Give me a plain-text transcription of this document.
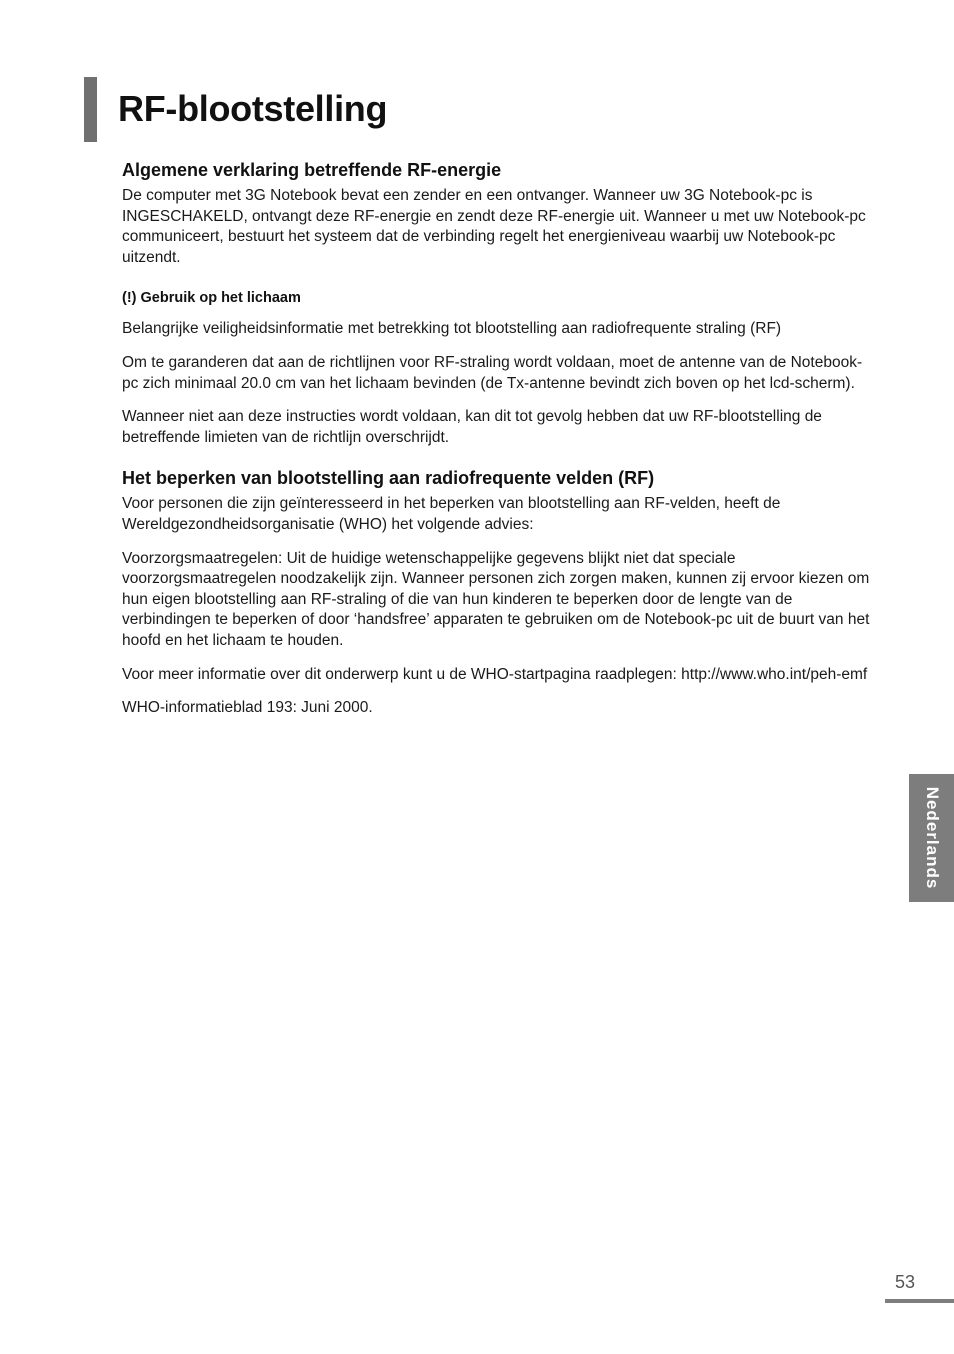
RF-blootstelling
Algemene verklaring betreffende RF-energie

De computer met 3G Notebook bevat een zender en een ontvanger. Wanneer uw 3G Notebook-pc is INGESCHAKELD, ontvangt deze RF-energie en zendt deze RF-energie uit. Wanneer u met uw Notebook-pc communiceert, bestuurt het systeem dat de verbinding regelt het energieniveau waarbij uw Notebook-pc uitzendt.

(!) Gebruik op het lichaam

Belangrijke veiligheidsinformatie met betrekking tot blootstelling aan radiofrequente straling (RF)

Om te garanderen dat aan de richtlijnen voor RF-straling wordt voldaan, moet de antenne van de Notebook-pc zich minimaal 20.0 cm van het lichaam bevinden (de Tx-antenne bevindt zich boven op het lcd-scherm).

Wanneer niet aan deze instructies wordt voldaan, kan dit tot gevolg hebben dat uw RF-blootstelling de betreffende limieten van de richtlijn overschrijdt.

Het beperken van blootstelling aan radiofrequente velden (RF)

Voor personen die zijn geïnteresseerd in het beperken van blootstelling aan RF-velden, heeft de Wereldgezondheidsorganisatie (WHO) het volgende advies:

Voorzorgsmaatregelen: Uit de huidige wetenschappelijke gegevens blijkt niet dat speciale voorzorgsmaatregelen noodzakelijk zijn. Wanneer personen zich zorgen maken, kunnen zij ervoor kiezen om hun eigen blootstelling aan RF-straling of die van hun kinderen te beperken door de lengte van de verbindingen te beperken of door ‘handsfree’ apparaten te gebruiken om de Notebook-pc uit de buurt van het hoofd en het lichaam te houden.

Voor meer informatie over dit onderwerp kunt u de WHO-startpagina raadplegen: http://www.who.int/peh-emf

WHO-informatieblad 193: Juni 2000.

Nederlands
53
